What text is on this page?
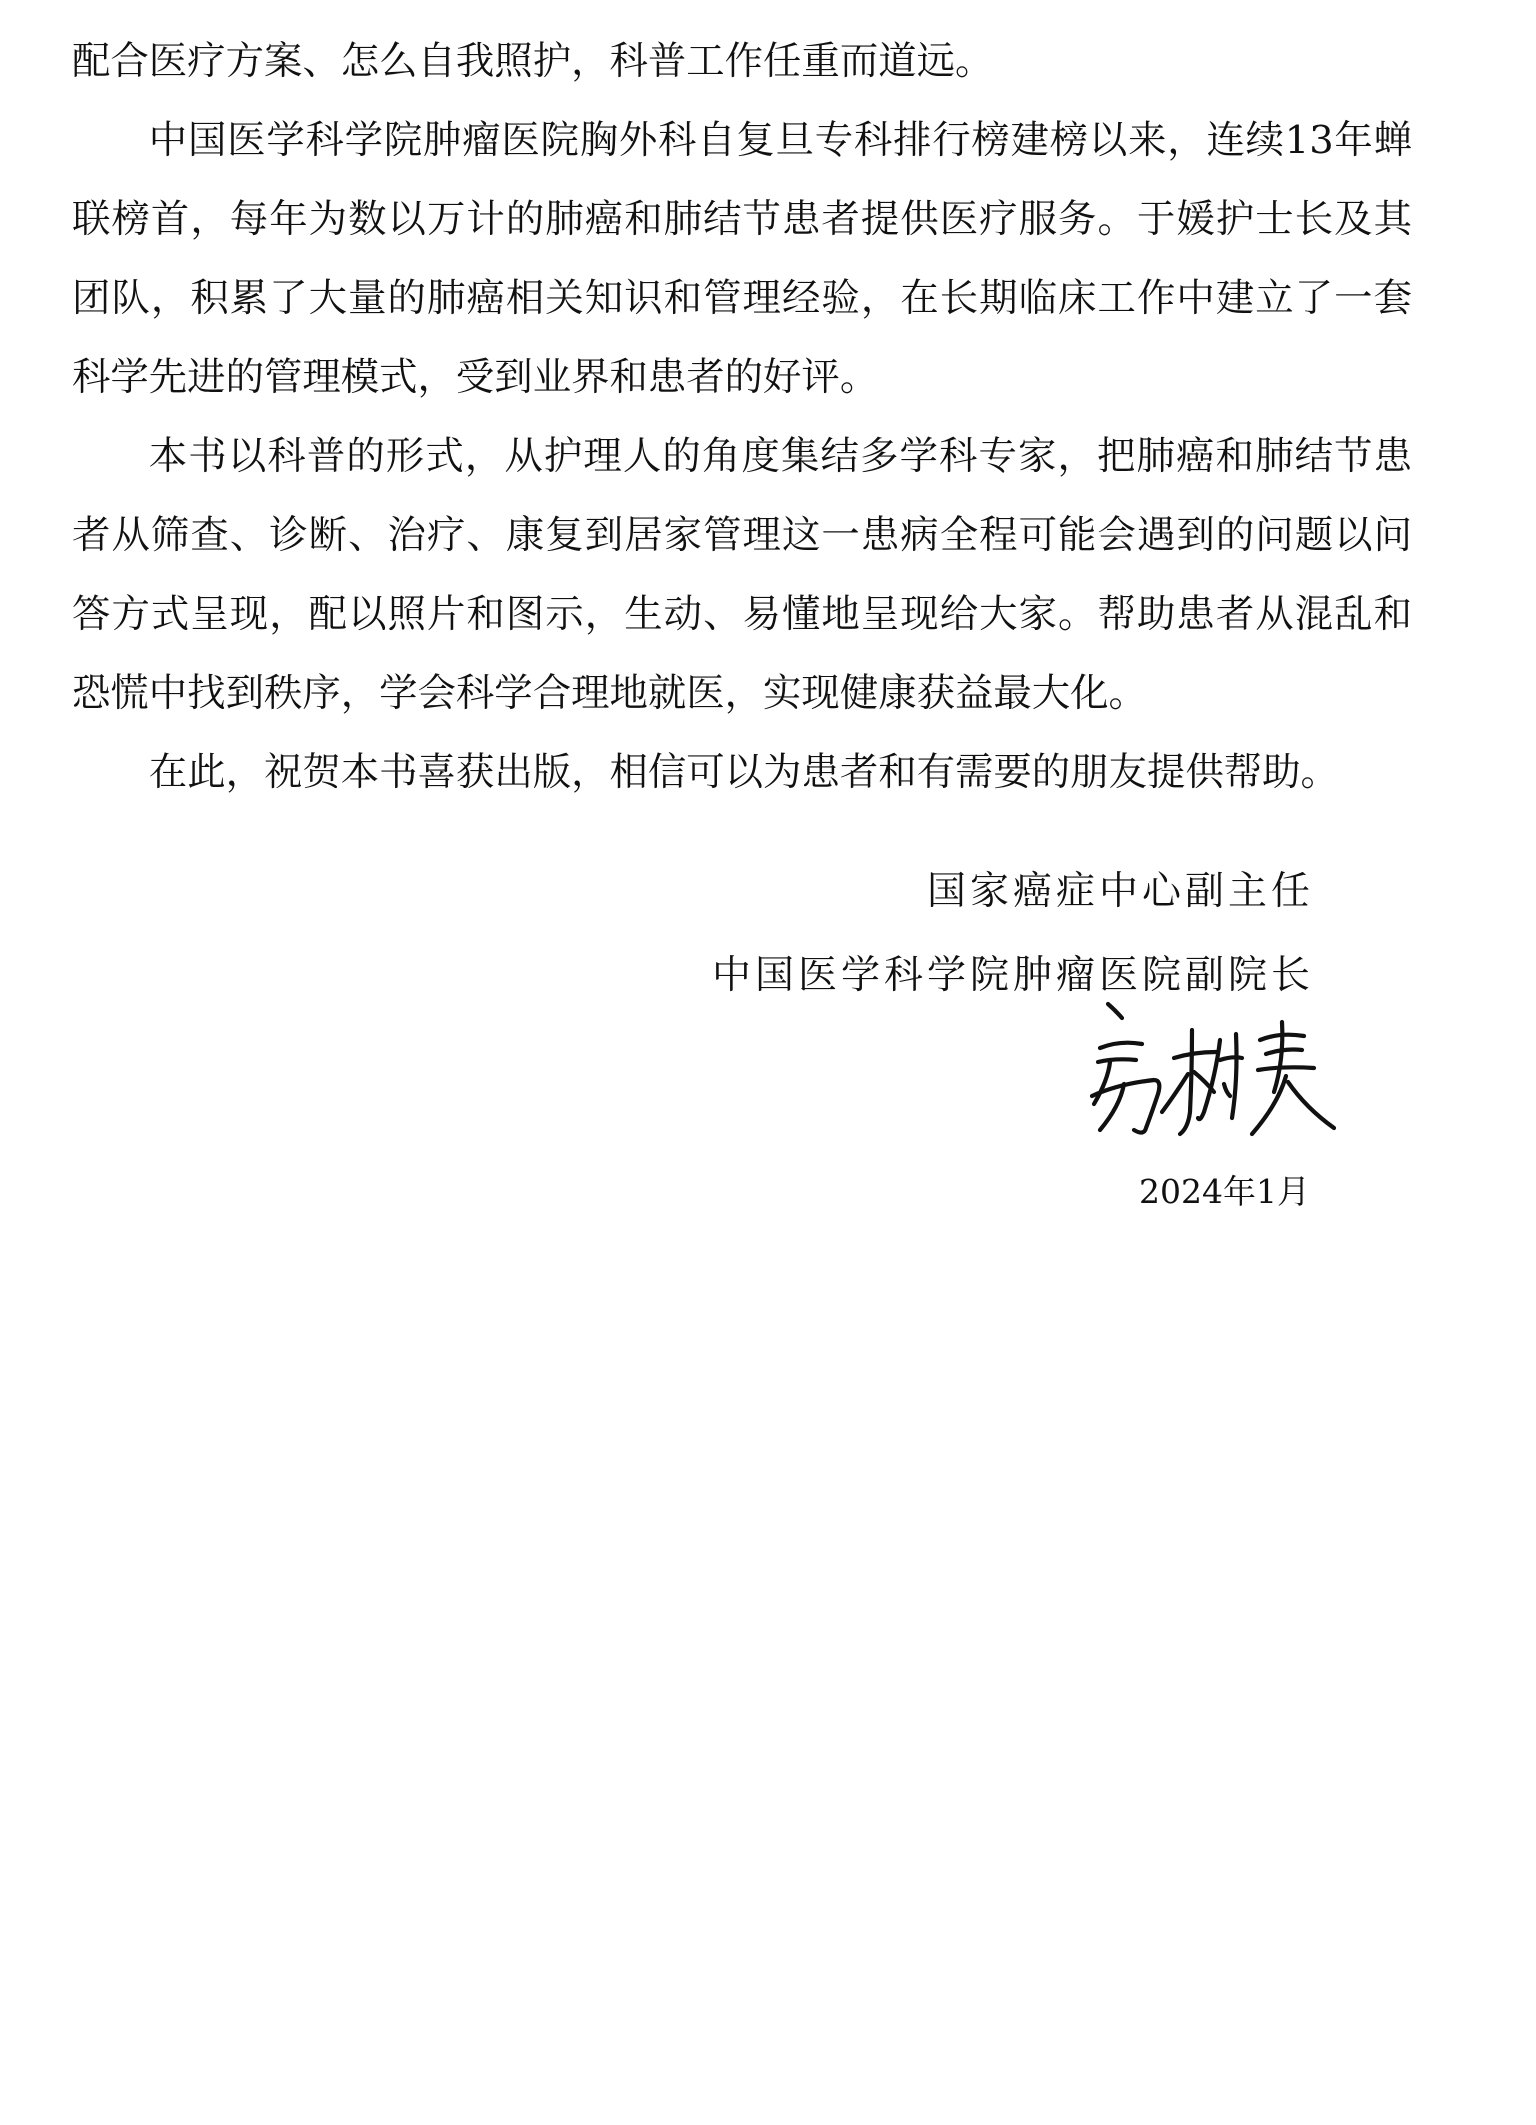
配合医疗方案、怎么自我照护，科普工作任重而道远。

中国医学科学院肿瘤医院胸外科自复旦专科排行榜建榜以来，连续13年蝉联榜首，每年为数以万计的肺癌和肺结节患者提供医疗服务。于媛护士长及其团队，积累了大量的肺癌相关知识和管理经验，在长期临床工作中建立了一套科学先进的管理模式，受到业界和患者的好评。

本书以科普的形式，从护理人的角度集结多学科专家，把肺癌和肺结节患者从筛查、诊断、治疗、康复到居家管理这一患病全程可能会遇到的问题以问答方式呈现，配以照片和图示，生动、易懂地呈现给大家。帮助患者从混乱和恐慌中找到秩序，学会科学合理地就医，实现健康获益最大化。

在此，祝贺本书喜获出版，相信可以为患者和有需要的朋友提供帮助。

国家癌症中心副主任
中国医学科学院肿瘤医院副院长
2024年1月
